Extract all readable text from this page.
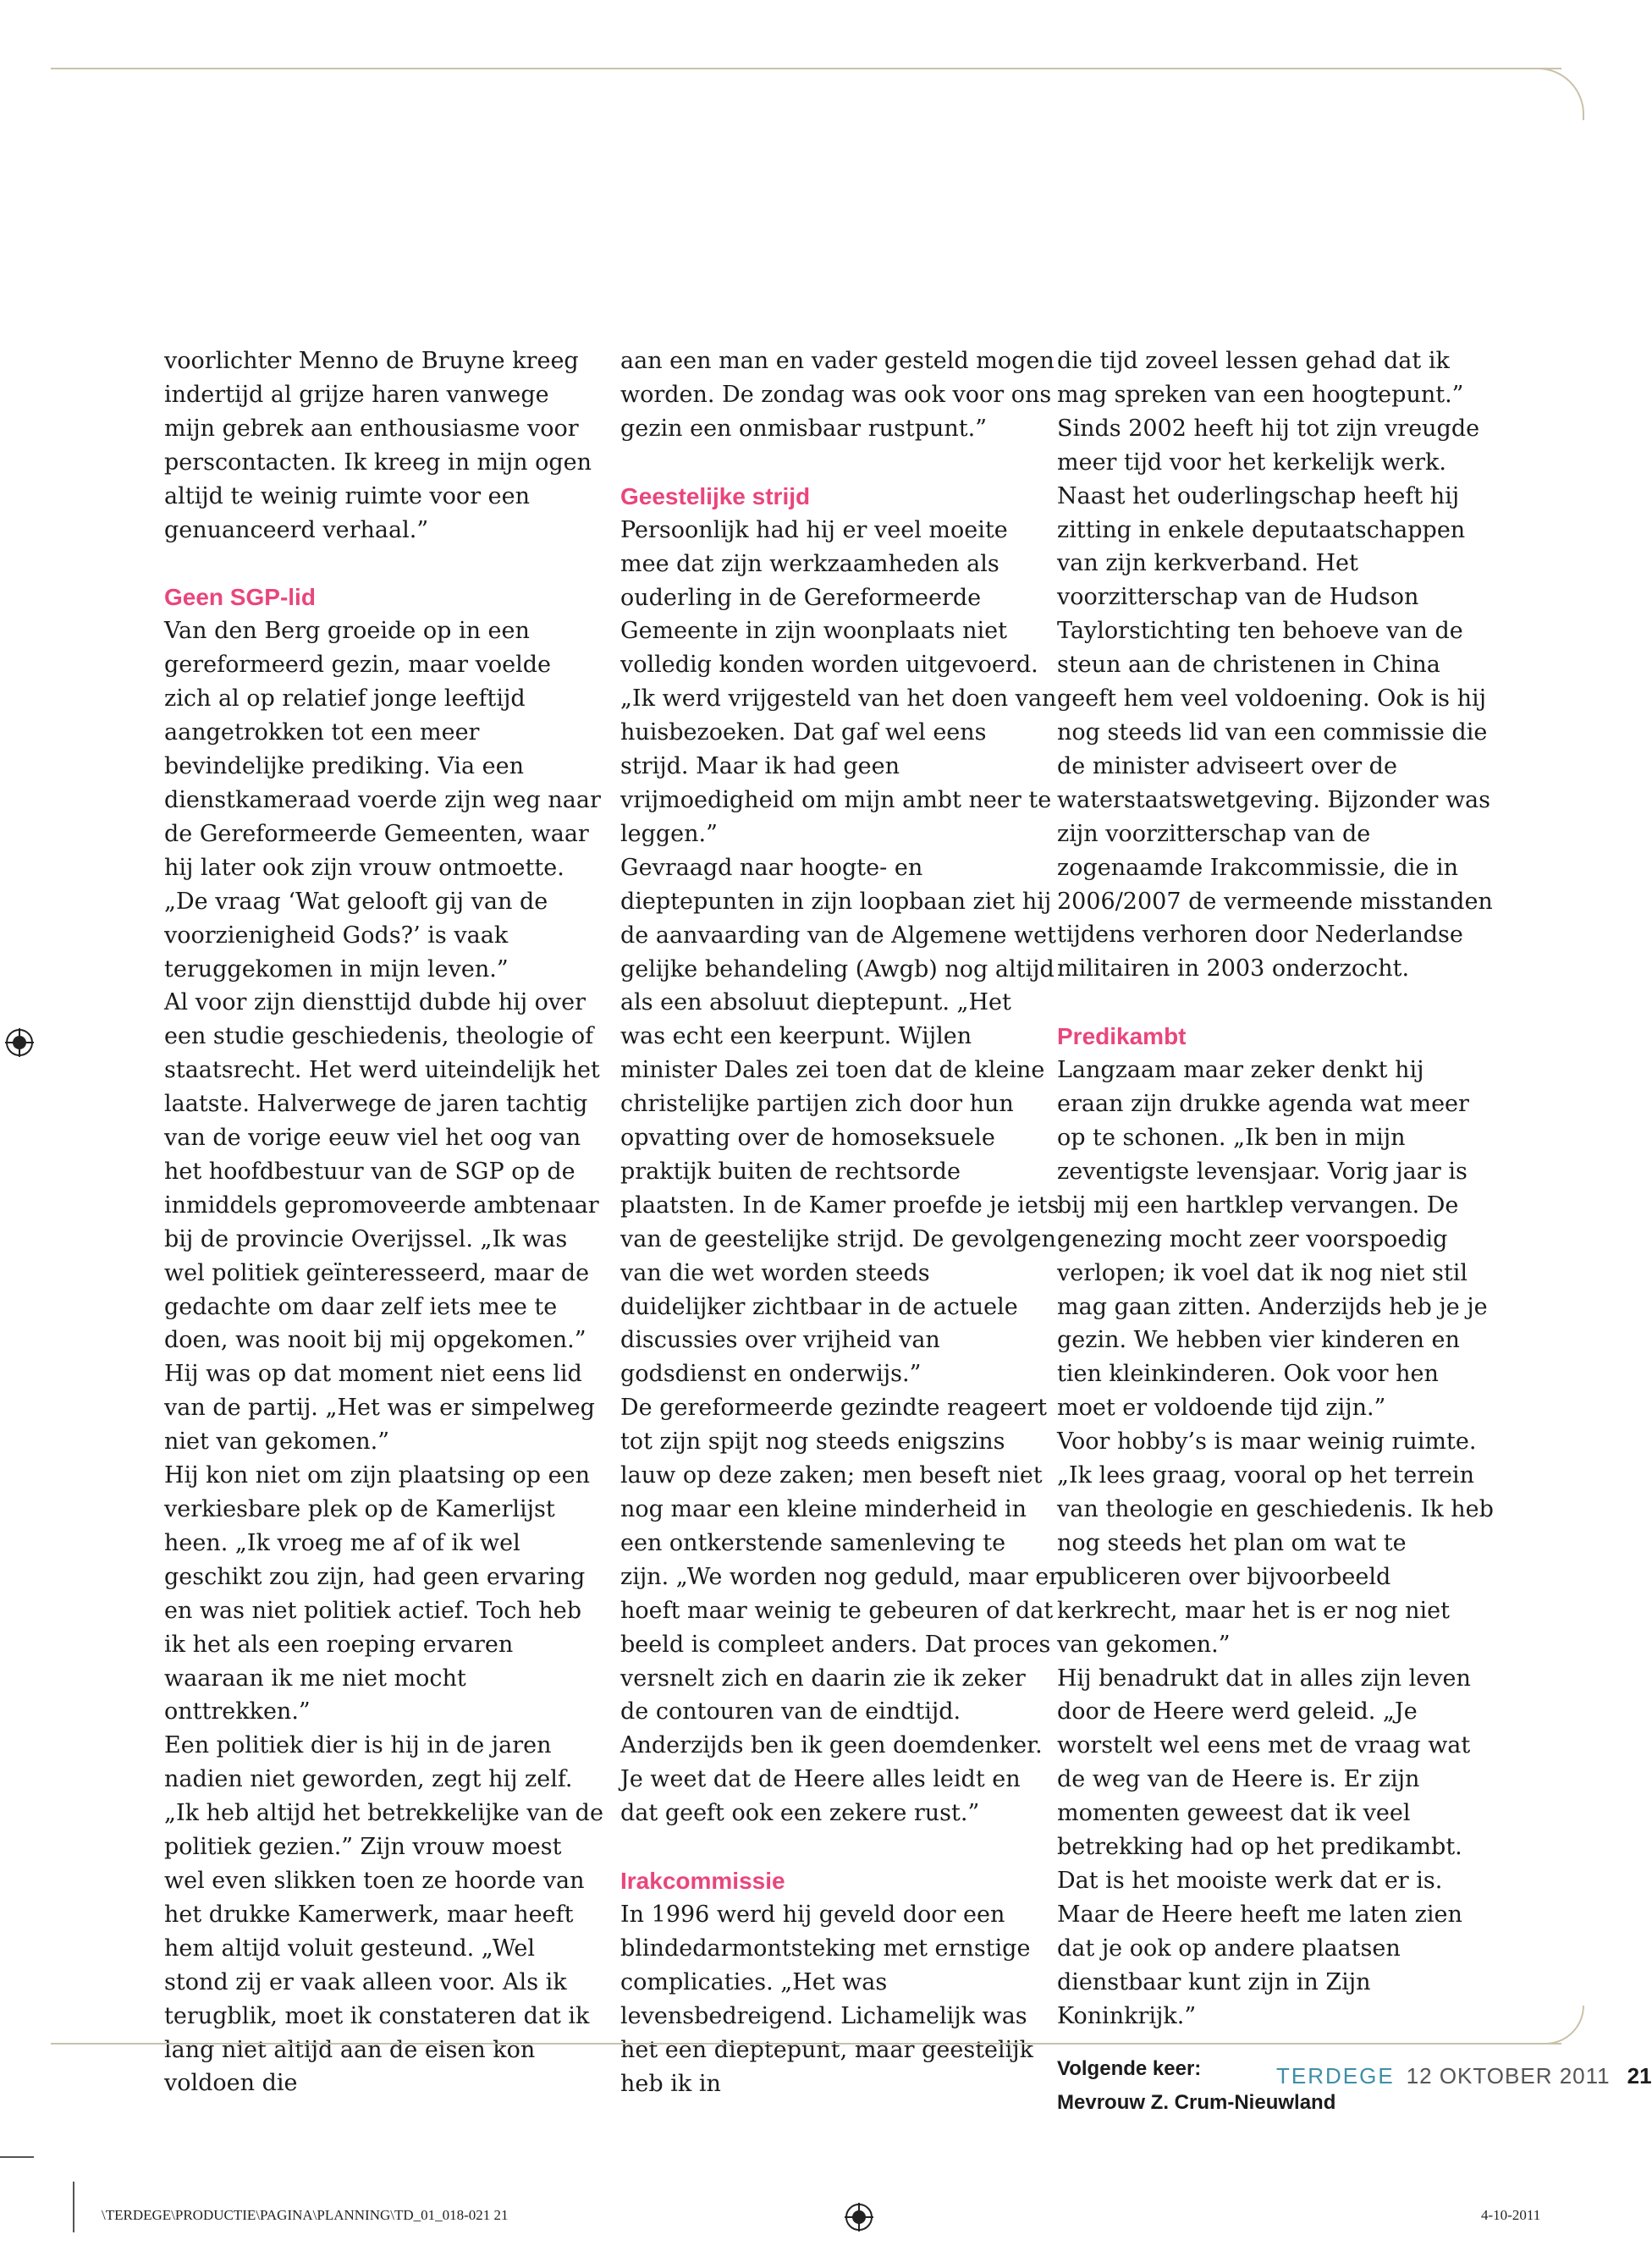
voorlichter Menno de Bruyne kreeg indertijd al grijze haren vanwege mijn gebrek aan enthousiasme voor perscontacten. Ik kreeg in mijn ogen altijd te weinig ruimte voor een genuanceerd verhaal.”

Geen SGP-lid

Van den Berg groeide op in een gereformeerd gezin, maar voelde zich al op relatief jonge leeftijd aangetrokken tot een meer bevindelijke prediking. Via een dienstkameraad voerde zijn weg naar de Gereformeerde Gemeenten, waar hij later ook zijn vrouw ontmoette. „De vraag ‘Wat gelooft gij van de voorzienigheid Gods?’ is vaak teruggekomen in mijn leven.”

Al voor zijn diensttijd dubde hij over een studie geschiedenis, theologie of staatsrecht. Het werd uiteindelijk het laatste. Halverwege de jaren tachtig van de vorige eeuw viel het oog van het hoofdbestuur van de SGP op de inmiddels gepromoveerde ambtenaar bij de provincie Overijssel. „Ik was wel politiek geïnteresseerd, maar de gedachte om daar zelf iets mee te doen, was nooit bij mij opgekomen.” Hij was op dat moment niet eens lid van de partij. „Het was er simpelweg niet van gekomen.”

Hij kon niet om zijn plaatsing op een verkiesbare plek op de Kamerlijst heen. „Ik vroeg me af of ik wel geschikt zou zijn, had geen ervaring en was niet politiek actief. Toch heb ik het als een roeping ervaren waaraan ik me niet mocht onttrekken.”

Een politiek dier is hij in de jaren nadien niet geworden, zegt hij zelf. „Ik heb altijd het betrekkelijke van de politiek gezien.” Zijn vrouw moest wel even slikken toen ze hoorde van het drukke Kamerwerk, maar heeft hem altijd voluit gesteund. „Wel stond zij er vaak alleen voor. Als ik terugblik, moet ik constateren dat ik lang niet altijd aan de eisen kon voldoen die

aan een man en vader gesteld mogen worden. De zondag was ook voor ons gezin een onmisbaar rustpunt.”

Geestelijke strijd

Persoonlijk had hij er veel moeite mee dat zijn werkzaamheden als ouderling in de Gereformeerde Gemeente in zijn woonplaats niet volledig konden worden uitgevoerd. „Ik werd vrijgesteld van het doen van huisbezoeken. Dat gaf wel eens strijd. Maar ik had geen vrijmoedigheid om mijn ambt neer te leggen.”

Gevraagd naar hoogte- en dieptepunten in zijn loopbaan ziet hij de aanvaarding van de Algemene wet gelijke behandeling (Awgb) nog altijd als een absoluut dieptepunt. „Het was echt een keerpunt. Wijlen minister Dales zei toen dat de kleine christelijke partijen zich door hun opvatting over de homoseksuele praktijk buiten de rechtsorde plaatsten. In de Kamer proefde je iets van de geestelijke strijd. De gevolgen van die wet worden steeds duidelijker zichtbaar in de actuele discussies over vrijheid van godsdienst en onderwijs.”

De gereformeerde gezindte reageert tot zijn spijt nog steeds enigszins lauw op deze zaken; men beseft niet nog maar een kleine minderheid in een ontkerstende samenleving te zijn. „We worden nog geduld, maar er hoeft maar weinig te gebeuren of dat beeld is compleet anders. Dat proces versnelt zich en daarin zie ik zeker de contouren van de eindtijd. Anderzijds ben ik geen doemdenker. Je weet dat de Heere alles leidt en dat geeft ook een zekere rust.”

Irakcommissie

In 1996 werd hij geveld door een blindedarmontsteking met ernstige complicaties. „Het was levensbedreigend. Lichamelijk was het een dieptepunt, maar geestelijk heb ik in

die tijd zoveel lessen gehad dat ik mag spreken van een hoogtepunt.”

Sinds 2002 heeft hij tot zijn vreugde meer tijd voor het kerkelijk werk. Naast het ouderlingschap heeft hij zitting in enkele deputaatschappen van zijn kerkverband. Het voorzitterschap van de Hudson Taylorstichting ten behoeve van de steun aan de christenen in China geeft hem veel voldoening. Ook is hij nog steeds lid van een commissie die de minister adviseert over de waterstaatswetgeving. Bijzonder was zijn voorzitterschap van de zogenaamde Irakcommissie, die in 2006/2007 de vermeende misstanden tijdens verhoren door Nederlandse militairen in 2003 onderzocht.

Predikambt

Langzaam maar zeker denkt hij eraan zijn drukke agenda wat meer op te schonen. „Ik ben in mijn zeventigste levensjaar. Vorig jaar is bij mij een hartklep vervangen. De genezing mocht zeer voorspoedig verlopen; ik voel dat ik nog niet stil mag gaan zitten. Anderzijds heb je je gezin. We hebben vier kinderen en tien kleinkinderen. Ook voor hen moet er voldoende tijd zijn.”

Voor hobby’s is maar weinig ruimte. „Ik lees graag, vooral op het terrein van theologie en geschiedenis. Ik heb nog steeds het plan om wat te publiceren over bijvoorbeeld kerkrecht, maar het is er nog niet van gekomen.”

Hij benadrukt dat in alles zijn leven door de Heere werd geleid. „Je worstelt wel eens met de vraag wat de weg van de Heere is. Er zijn momenten geweest dat ik veel betrekking had op het predikambt. Dat is het mooiste werk dat er is. Maar de Heere heeft me laten zien dat je ook op andere plaatsen dienstbaar kunt zijn in Zijn Koninkrijk.”

Volgende keer:
Mevrouw Z. Crum-Nieuwland
TERDEGE 12 OKTOBER 2011 21
\TERDEGE\PRODUCTIE\PAGINA\PLANNING\TD_01_018-021 21	4-10-2011
